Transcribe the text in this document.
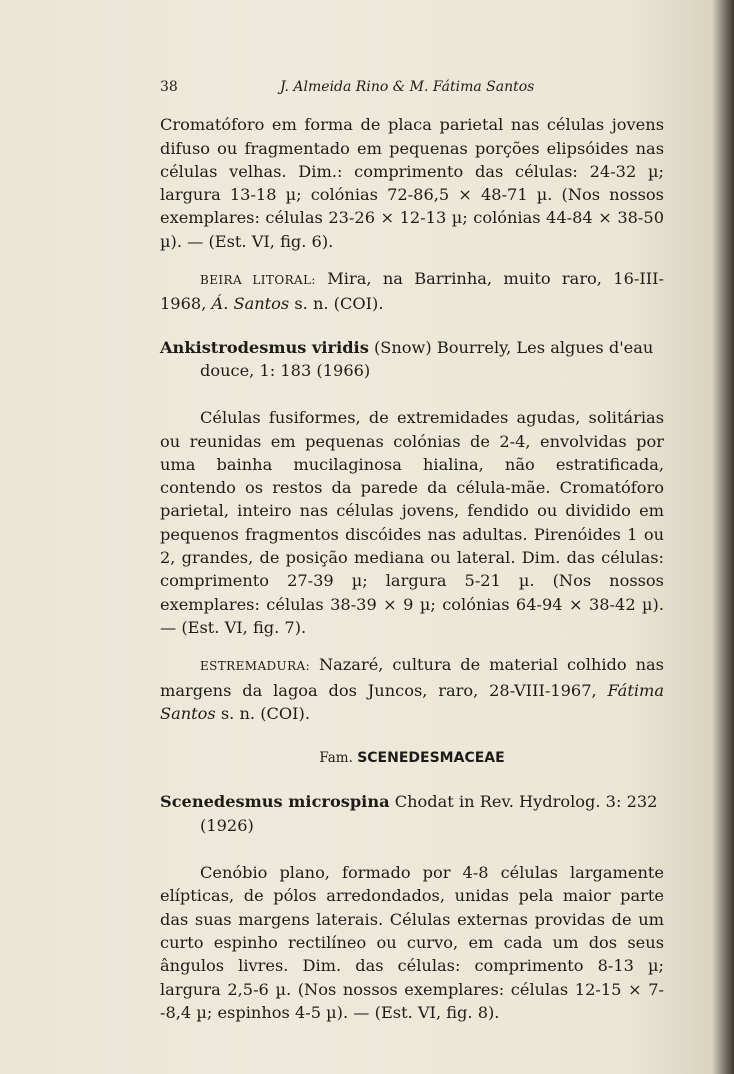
38	J. Almeida Rino & M. Fátima Santos

Cromatóforo em forma de placa parietal nas células jovens difuso ou fragmentado em pequenas porções elipsóides nas células velhas. Dim.: comprimento das células: 24-32 µ; largura 13-18 µ; colónias 72-86,5 × 48-71 µ. (Nos nossos exemplares: células 23-26 × 12-13 µ; colónias 44-84 × 38-50 µ). — (Est. VI, fig. 6).

BEIRA LITORAL: Mira, na Barrinha, muito raro, 16-III-1968, Á. Santos s. n. (COI).

Ankistrodesmus viridis (Snow) Bourrely, Les algues d'eau douce, 1: 183 (1966)

Células fusiformes, de extremidades agudas, solitárias ou reunidas em pequenas colónias de 2-4, envolvidas por uma bainha mucilaginosa hialina, não estratificada, contendo os restos da parede da célula-mãe. Cromatóforo parietal, inteiro nas células jovens, fendido ou dividido em pequenos fragmentos discóides nas adultas. Pirenóides 1 ou 2, grandes, de posição mediana ou lateral. Dim. das células: comprimento 27-39 µ; largura 5-21 µ. (Nos nossos exemplares: células 38-39 × 9 µ; colónias 64-94 × 38-42 µ). — (Est. VI, fig. 7).

ESTREMADURA: Nazaré, cultura de material colhido nas margens da lagoa dos Juncos, raro, 28-VIII-1967, Fátima Santos s. n. (COI).

Fam. SCENEDESMACEAE

Scenedesmus microspina Chodat in Rev. Hydrolog. 3: 232 (1926)

Cenóbio plano, formado por 4-8 células largamente elípticas, de pólos arredondados, unidas pela maior parte das suas margens laterais. Células externas providas de um curto espinho rectilíneo ou curvo, em cada um dos seus ângulos livres. Dim. das células: comprimento 8-13 µ; largura 2,5-6 µ. (Nos nossos exemplares: células 12-15 × 7--8,4 µ; espinhos 4-5 µ). — (Est. VI, fig. 8).
